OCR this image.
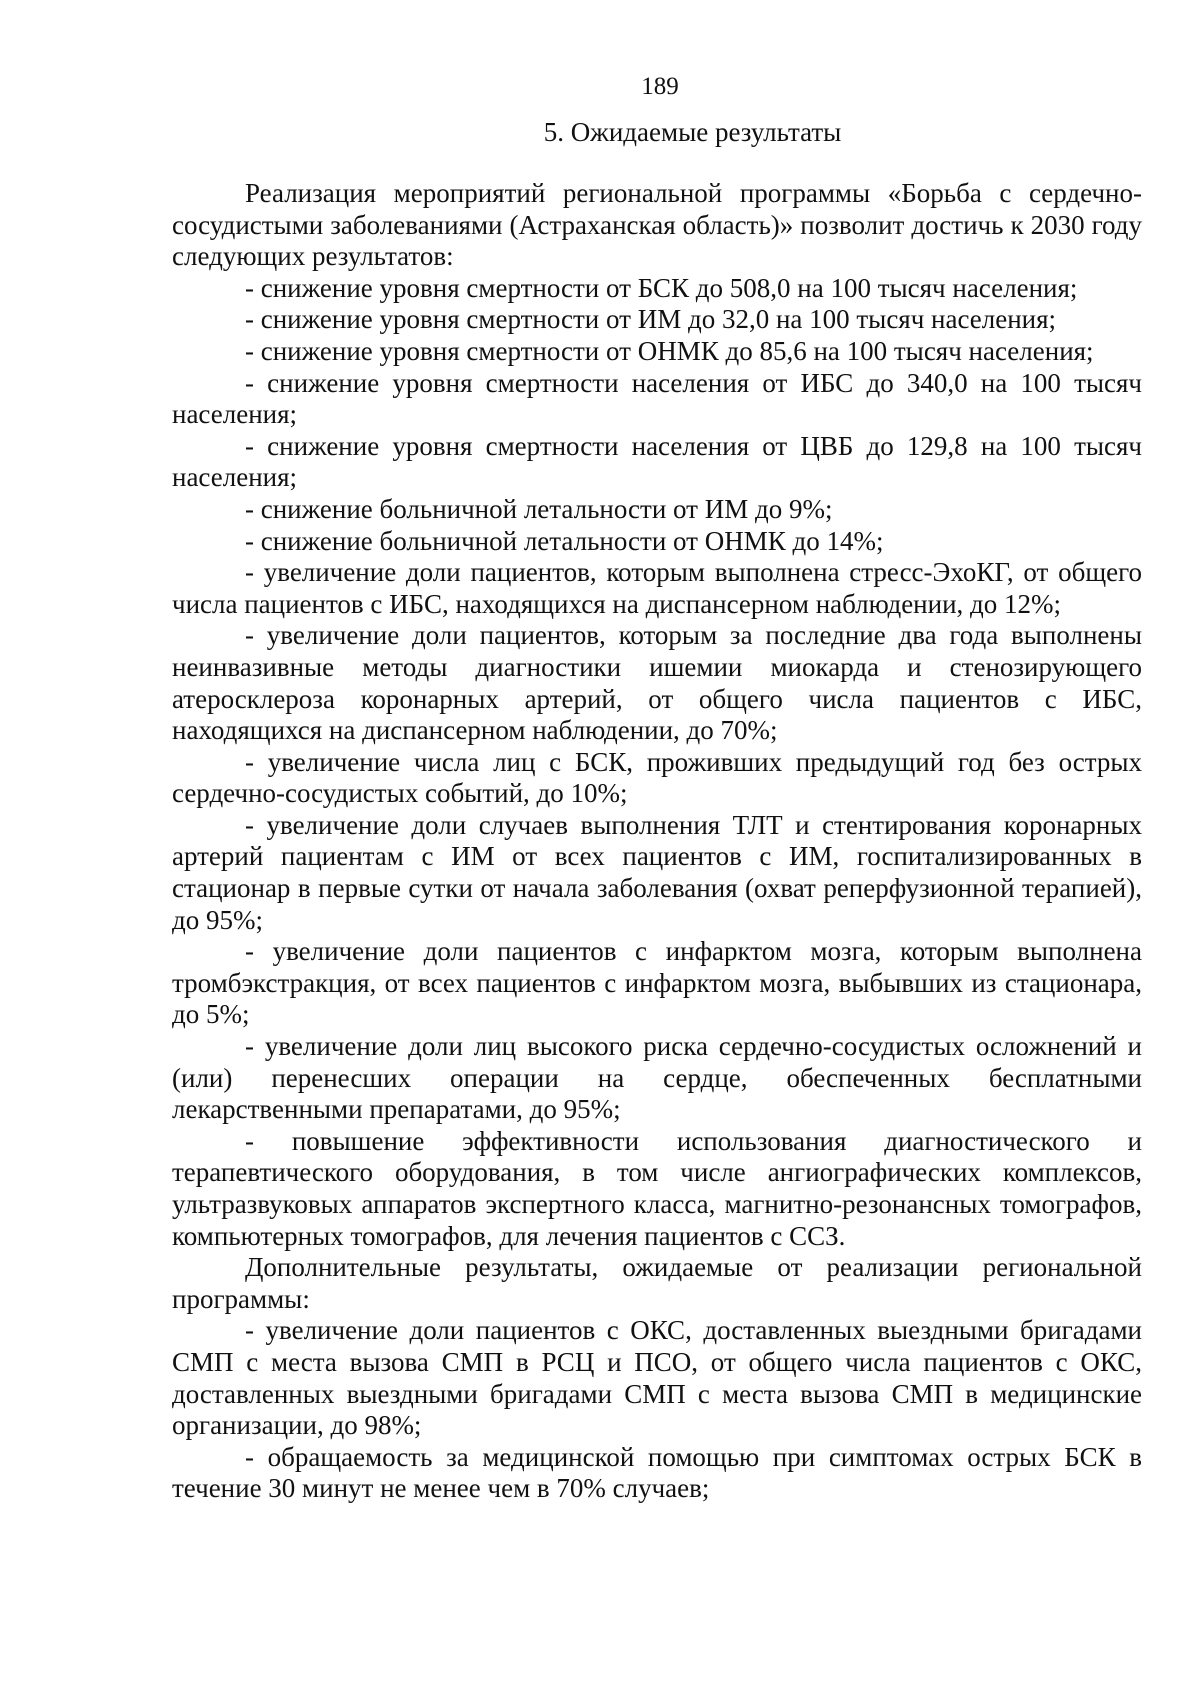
189
5. Ожидаемые результаты

Реализация мероприятий региональной программы «Борьба с сердечно-сосудистыми заболеваниями (Астраханская область)» позволит достичь к 2030 году следующих результатов:

- снижение уровня смертности от БСК до 508,0 на 100 тысяч населения;

- снижение уровня смертности от ИМ до 32,0 на 100 тысяч населения;

- снижение уровня смертности от ОНМК до 85,6 на 100 тысяч населения;

- снижение уровня смертности населения от ИБС до 340,0 на 100 тысяч населения;

- снижение уровня смертности населения от ЦВБ до 129,8 на 100 тысяч населения;

- снижение больничной летальности от ИМ до 9%;

- снижение больничной летальности от ОНМК до 14%;

- увеличение доли пациентов, которым выполнена стресс-ЭхоКГ, от общего числа пациентов с ИБС, находящихся на диспансерном наблюдении, до 12%;

- увеличение доли пациентов, которым за последние два года выполнены неинвазивные методы диагностики ишемии миокарда и стенозирующего атеросклероза коронарных артерий, от общего числа пациентов с ИБС, находящихся на диспансерном наблюдении, до 70%;

- увеличение числа лиц с БСК, проживших предыдущий год без острых сердечно-сосудистых событий, до 10%;

- увеличение доли случаев выполнения ТЛТ и стентирования коронарных артерий пациентам с ИМ от всех пациентов с ИМ, госпитализированных в стационар в первые сутки от начала заболевания (охват реперфузионной терапией), до 95%;

- увеличение доли пациентов с инфарктом мозга, которым выполнена тромбэкстракция, от всех пациентов с инфарктом мозга, выбывших из стационара, до 5%;

- увеличение доли лиц высокого риска сердечно-сосудистых осложнений и (или) перенесших операции на сердце, обеспеченных бесплатными лекарственными препаратами, до 95%;

- повышение эффективности использования диагностического и терапевтического оборудования, в том числе ангиографических комплексов, ультразвуковых аппаратов экспертного класса, магнитно-резонансных томографов, компьютерных томографов, для лечения пациентов с ССЗ.

Дополнительные результаты, ожидаемые от реализации региональной программы:

- увеличение доли пациентов с ОКС, доставленных выездными бригадами СМП с места вызова СМП в РСЦ и ПСО, от общего числа пациентов с ОКС, доставленных выездными бригадами СМП с места вызова СМП в медицинские организации, до 98%;

- обращаемость за медицинской помощью при симптомах острых БСК в течение 30 минут не менее чем в 70% случаев;
